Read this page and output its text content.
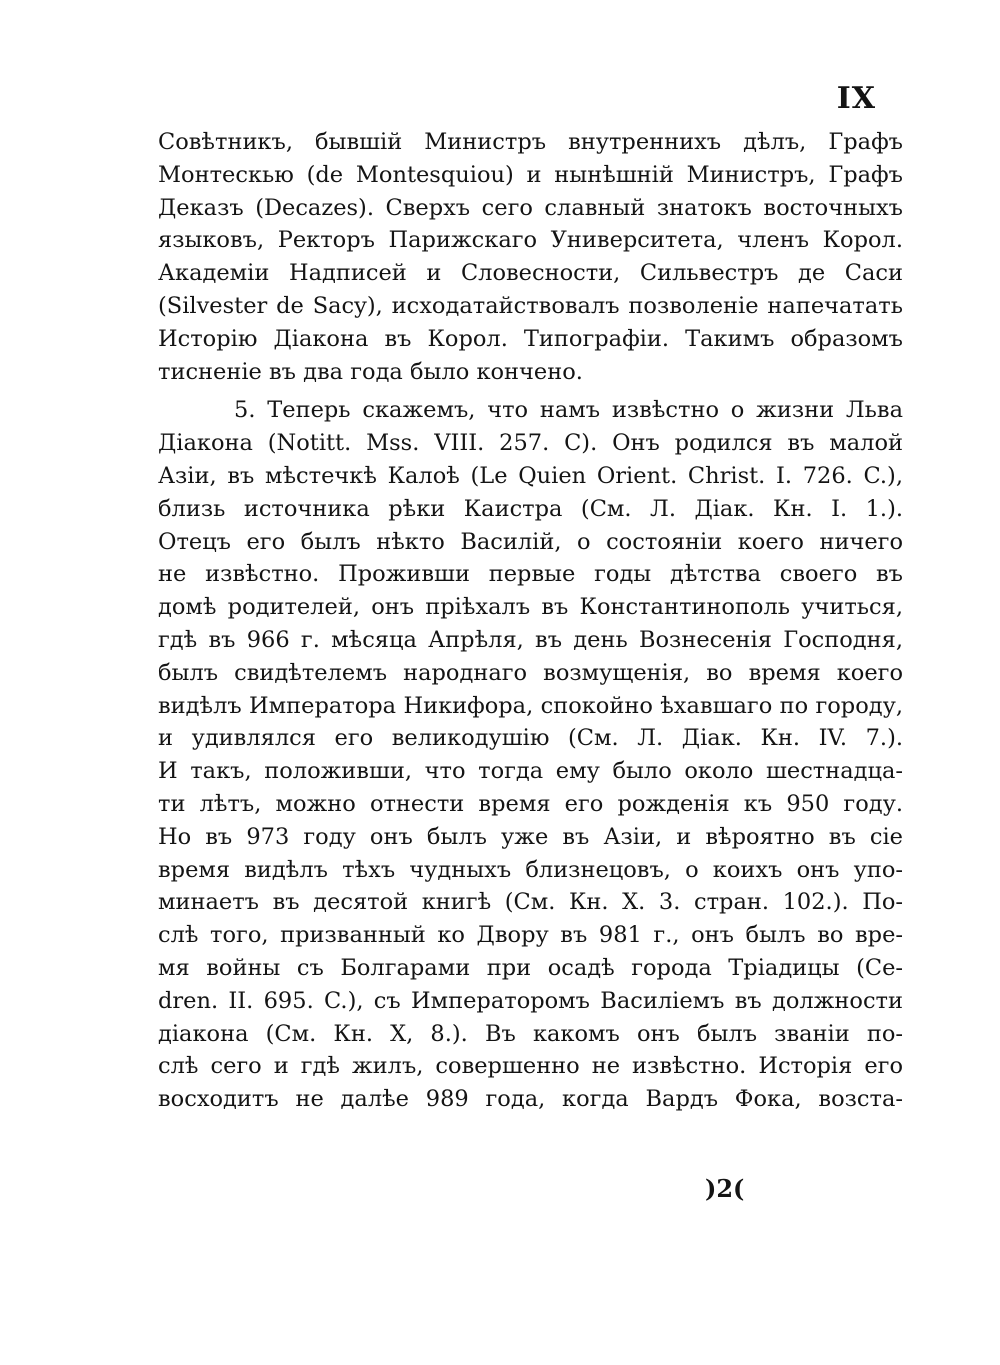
IX
Совѣтникъ, бывшій Министръ внутреннихъ дѣлъ, Графъ
Монтескью (de Montesquiou) и нынѣшній Министръ, Графъ
Деказъ (Decazes). Сверхъ сего славный знатокъ восточныхъ
языковъ, Ректоръ Парижскаго Университета, членъ Корол.
Академіи Надписей и Словесности, Сильвестръ де Саси
(Silvester de Sacy), исходатайствовалъ позволеніе напечатать
Исторію Діакона въ Корол. Типографіи. Такимъ образомъ
тисненіе въ два года было кончено.
5. Теперь скажемъ, что намъ извѣстно о жизни Льва
Діакона (Notitt. Mss. VIII. 257. C). Онъ родился въ малой
Азіи, въ мѣстечкѣ Калоѣ (Le Quien Orient. Christ. I. 726. C.),
близь источника рѣки Каистра (См. Л. Діак. Кн. I. 1.).
Отецъ его былъ нѣкто Василій, о состояніи коего ничего
не извѣстно. Проживши первые годы дѣтства своего въ
домѣ родителей, онъ пріѣхалъ въ Константинополь учиться,
гдѣ въ 966 г. мѣсяца Апрѣля, въ день Вознесенія Господня,
былъ свидѣтелемъ народнаго возмущенія, во время коего
видѣлъ Императора Никифора, спокойно ѣхавшаго по городу,
и удивлялся его великодушію (См. Л. Діак. Кн. IV. 7.).
И такъ, положивши, что тогда ему было около шестнадца-
ти лѣтъ, можно отнести время его рожденія къ 950 году.
Но въ 973 году онъ былъ уже въ Азіи, и вѣроятно въ сіе
время видѣлъ тѣхъ чудныхъ близнецовъ, о коихъ онъ упо-
минаетъ въ десятой книгѣ (См. Кн. X. 3. стран. 102.). По-
слѣ того, призванный ко Двору въ 981 г., онъ былъ во вре-
мя войны съ Болгарами при осадѣ города Тріадицы (Ce-
dren. II. 695. C.), съ Императоромъ Василіемъ въ должности
діакона (См. Кн. X, 8.). Въ какомъ онъ былъ званіи по-
слѣ сего и гдѣ жилъ, совершенно не извѣстно. Исторія его
восходитъ не далѣе 989 года, когда Вардъ Фока, возста-
)2(
